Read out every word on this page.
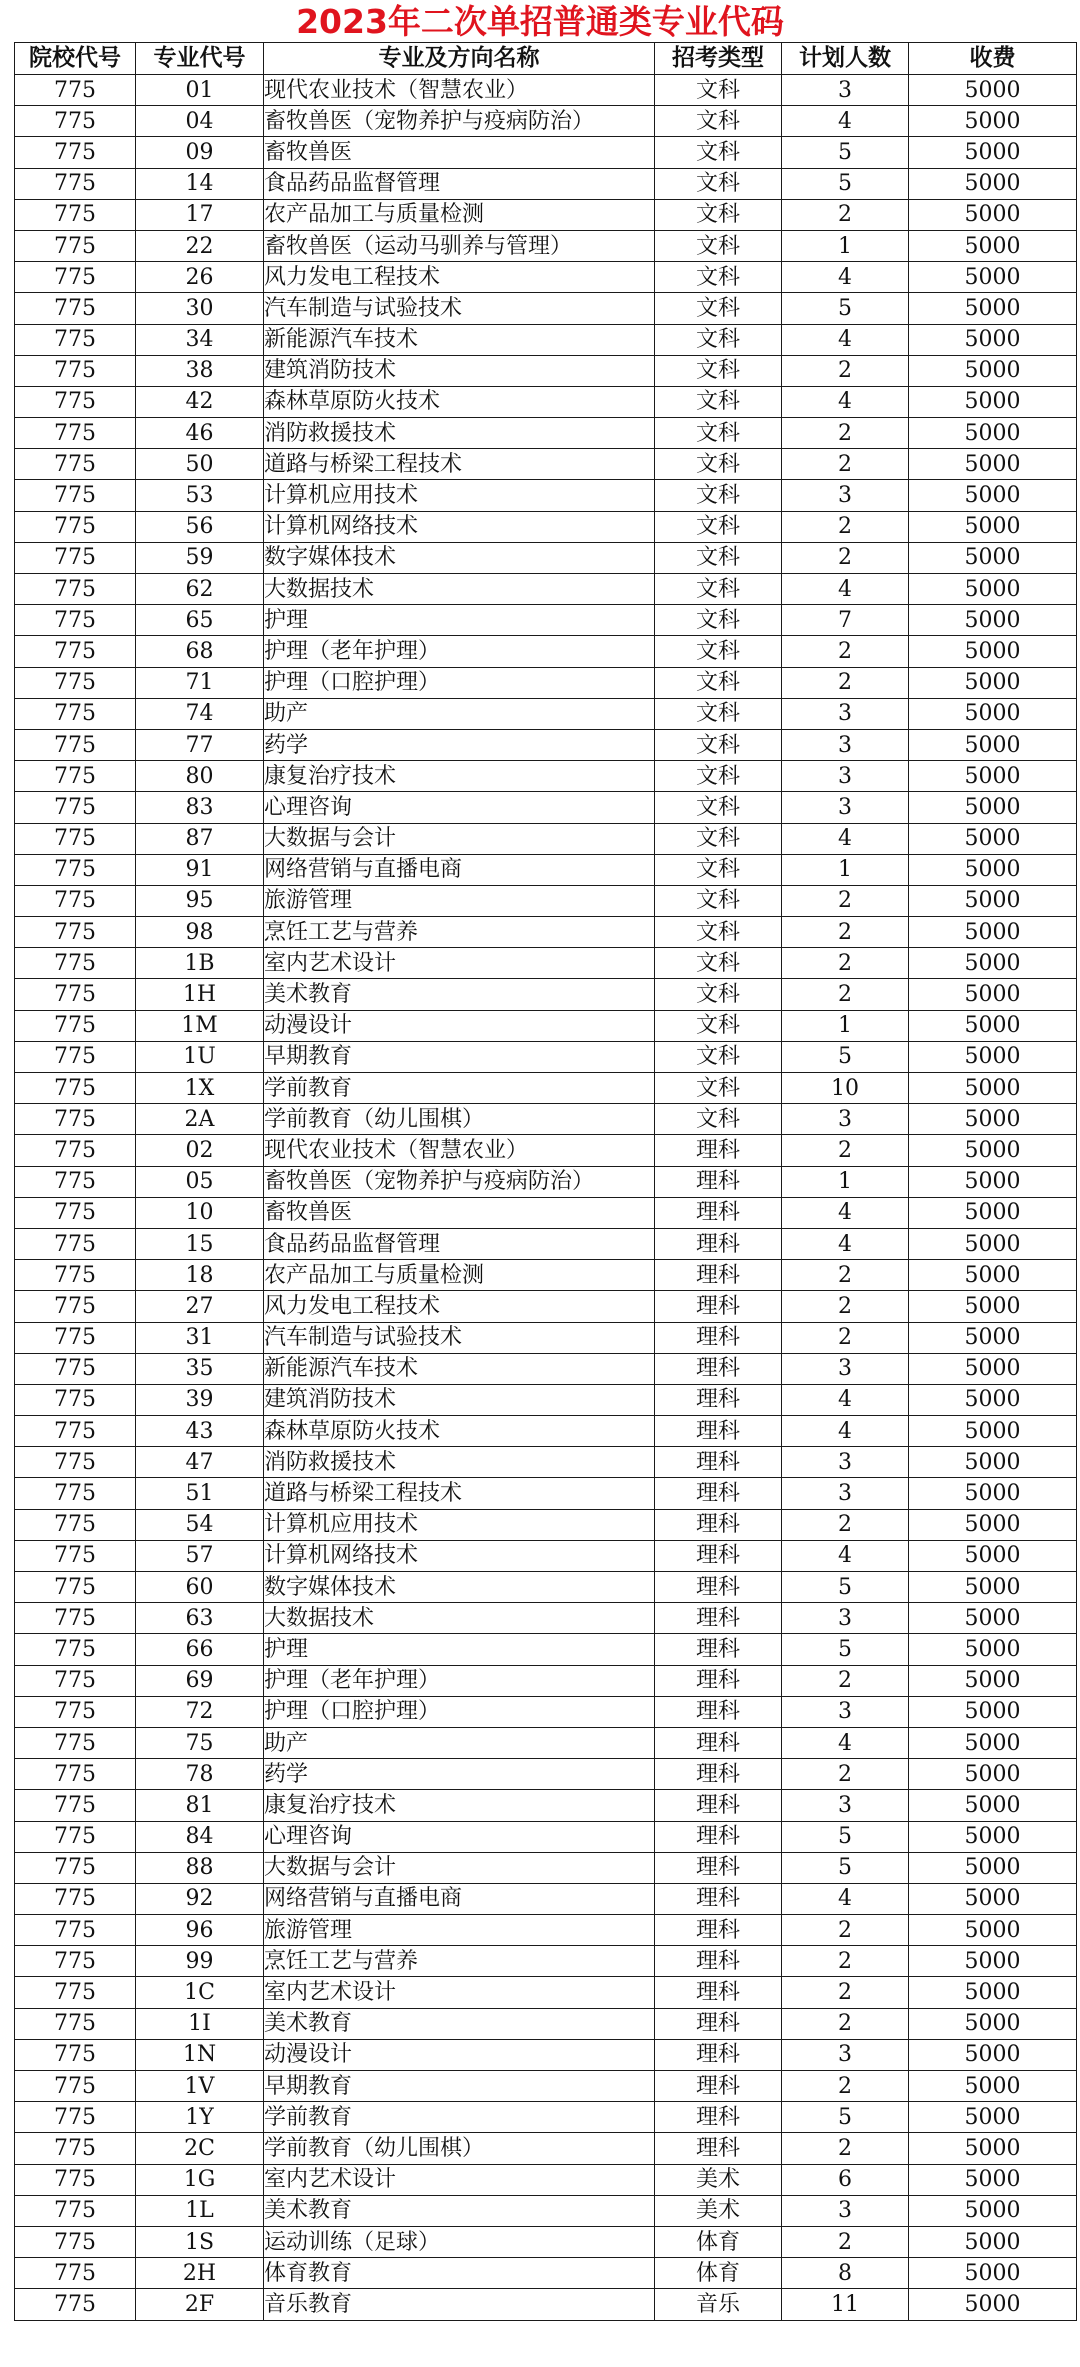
2023年二次单招普通类专业代码
院校代号	专业代号	专业及方向名称	招考类型	计划人数	收费
775	01	现代农业技术（智慧农业）	文科	3	5000
775	04	畜牧兽医（宠物养护与疫病防治）	文科	4	5000
775	09	畜牧兽医	文科	5	5000
775	14	食品药品监督管理	文科	5	5000
775	17	农产品加工与质量检测	文科	2	5000
775	22	畜牧兽医（运动马驯养与管理）	文科	1	5000
775	26	风力发电工程技术	文科	4	5000
775	30	汽车制造与试验技术	文科	5	5000
775	34	新能源汽车技术	文科	4	5000
775	38	建筑消防技术	文科	2	5000
775	42	森林草原防火技术	文科	4	5000
775	46	消防救援技术	文科	2	5000
775	50	道路与桥梁工程技术	文科	2	5000
775	53	计算机应用技术	文科	3	5000
775	56	计算机网络技术	文科	2	5000
775	59	数字媒体技术	文科	2	5000
775	62	大数据技术	文科	4	5000
775	65	护理	文科	7	5000
775	68	护理（老年护理）	文科	2	5000
775	71	护理（口腔护理）	文科	2	5000
775	74	助产	文科	3	5000
775	77	药学	文科	3	5000
775	80	康复治疗技术	文科	3	5000
775	83	心理咨询	文科	3	5000
775	87	大数据与会计	文科	4	5000
775	91	网络营销与直播电商	文科	1	5000
775	95	旅游管理	文科	2	5000
775	98	烹饪工艺与营养	文科	2	5000
775	1B	室内艺术设计	文科	2	5000
775	1H	美术教育	文科	2	5000
775	1M	动漫设计	文科	1	5000
775	1U	早期教育	文科	5	5000
775	1X	学前教育	文科	10	5000
775	2A	学前教育（幼儿围棋）	文科	3	5000
775	02	现代农业技术（智慧农业）	理科	2	5000
775	05	畜牧兽医（宠物养护与疫病防治）	理科	1	5000
775	10	畜牧兽医	理科	4	5000
775	15	食品药品监督管理	理科	4	5000
775	18	农产品加工与质量检测	理科	2	5000
775	27	风力发电工程技术	理科	2	5000
775	31	汽车制造与试验技术	理科	2	5000
775	35	新能源汽车技术	理科	3	5000
775	39	建筑消防技术	理科	4	5000
775	43	森林草原防火技术	理科	4	5000
775	47	消防救援技术	理科	3	5000
775	51	道路与桥梁工程技术	理科	3	5000
775	54	计算机应用技术	理科	2	5000
775	57	计算机网络技术	理科	4	5000
775	60	数字媒体技术	理科	5	5000
775	63	大数据技术	理科	3	5000
775	66	护理	理科	5	5000
775	69	护理（老年护理）	理科	2	5000
775	72	护理（口腔护理）	理科	3	5000
775	75	助产	理科	4	5000
775	78	药学	理科	2	5000
775	81	康复治疗技术	理科	3	5000
775	84	心理咨询	理科	5	5000
775	88	大数据与会计	理科	5	5000
775	92	网络营销与直播电商	理科	4	5000
775	96	旅游管理	理科	2	5000
775	99	烹饪工艺与营养	理科	2	5000
775	1C	室内艺术设计	理科	2	5000
775	1I	美术教育	理科	2	5000
775	1N	动漫设计	理科	3	5000
775	1V	早期教育	理科	2	5000
775	1Y	学前教育	理科	5	5000
775	2C	学前教育（幼儿围棋）	理科	2	5000
775	1G	室内艺术设计	美术	6	5000
775	1L	美术教育	美术	3	5000
775	1S	运动训练（足球）	体育	2	5000
775	2H	体育教育	体育	8	5000
775	2F	音乐教育	音乐	11	5000
